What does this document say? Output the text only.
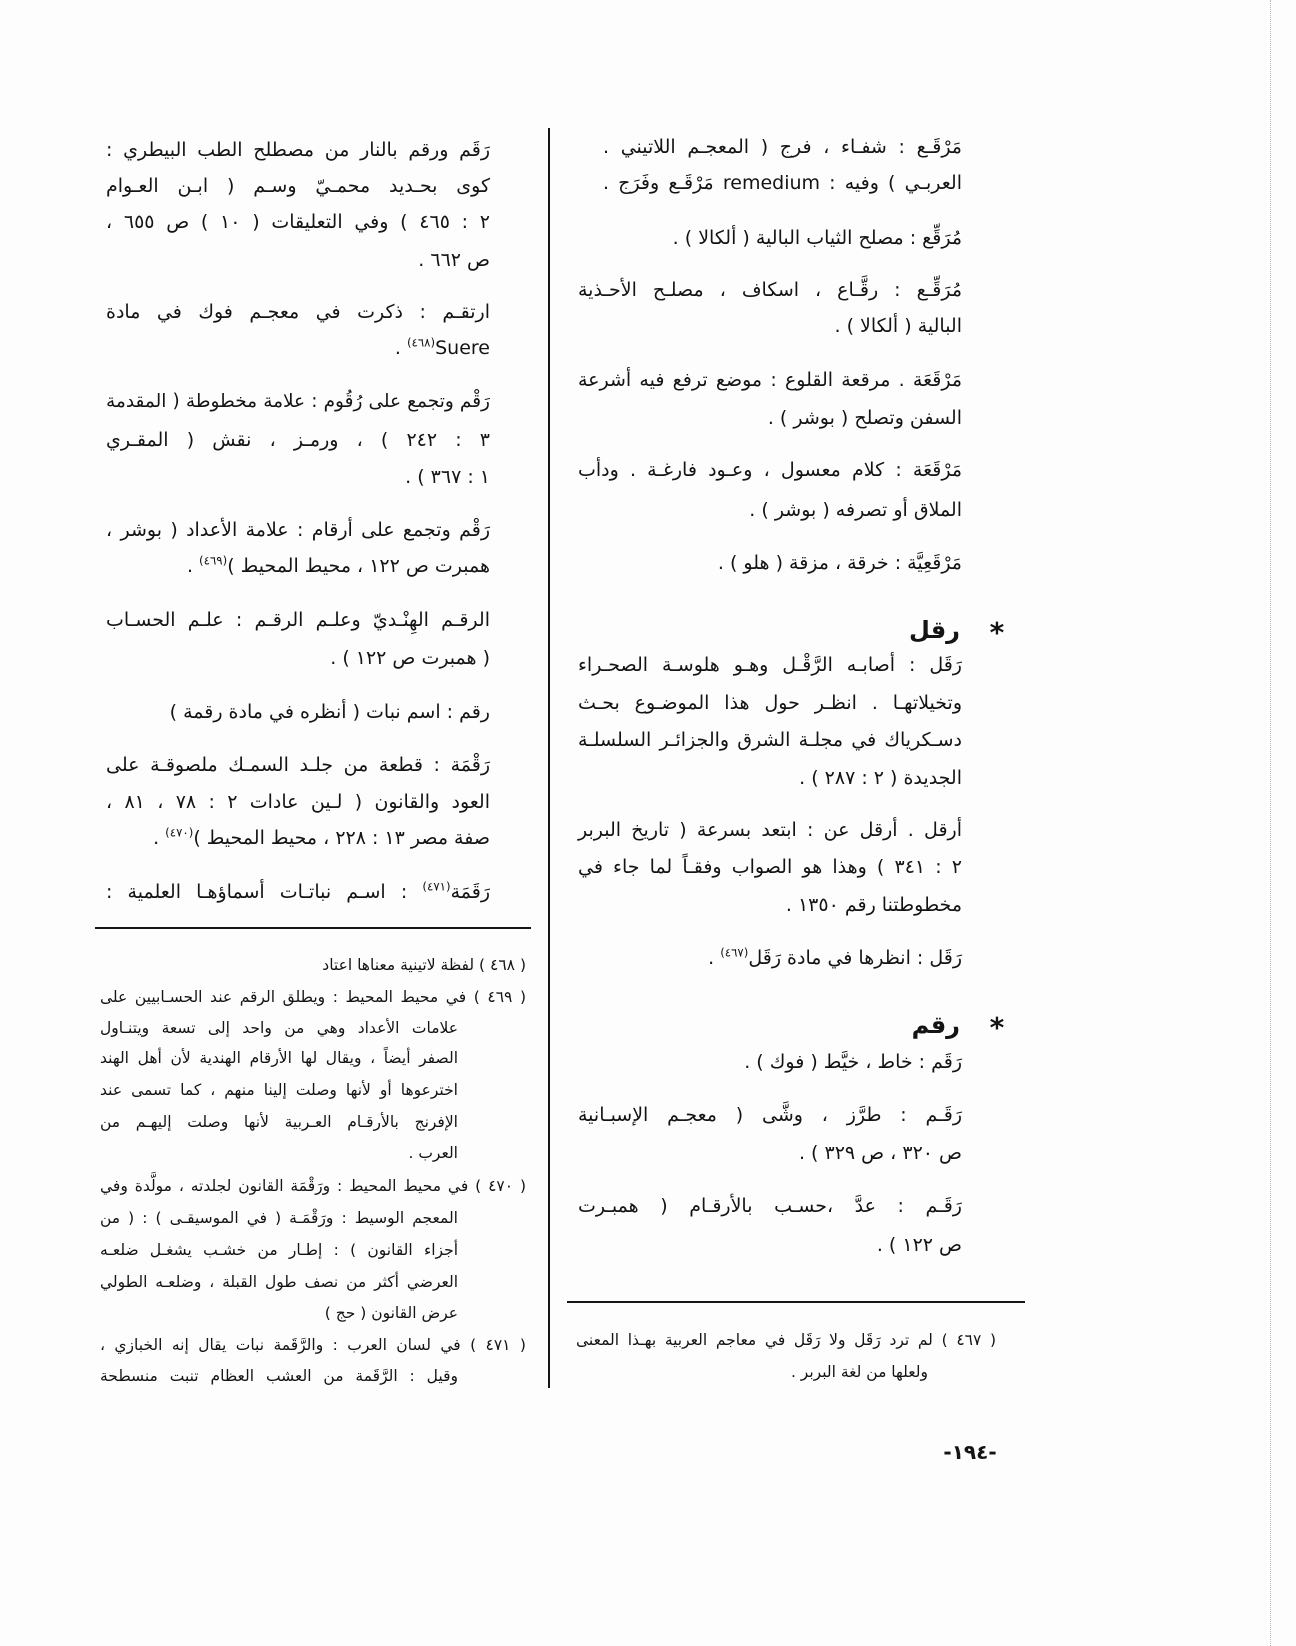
مَرْقَـع : شفـاء ، فرج ( المعجـم اللاتيني .
العربـي ) وفيه : remedium مَرْقَـع وفَرَج .
مُرَقِّع : مصلح الثياب البالية ( ألكالا ) .
مُرَقِّـع : رقَّـاع ، اسكاف ، مصلـح الأحـذية
البالية ( ألكالا ) .
مَرْقَعَة . مرقعة القلوع : موضع ترفع فيه أشرعة
السفن وتصلح ( بوشر ) .
مَرْقَعَة : كلام معسول ، وعـود فارغـة . ودأب
الملاق أو تصرفه ( بوشر ) .
مَرْقَعِيَّة : خرقة ، مزقة ( هلو ) .
*
رقل
رَقَل : أصابـه الرَّقْـل وهـو هلوسـة الصحـراء
وتخيلاتهـا . انظـر حول هذا الموضـوع بحـث
دسـكرياك في مجلـة الشرق والجزائـر السلسلـة
الجديدة ( ٢ : ٢٨٧ ) .
أرقل . أرقل عن : ابتعد بسرعة ( تاريخ البربر
٢ : ٣٤١ ) وهذا هو الصواب وفقـاً لما جاء في
مخطوطتنا رقم ١٣٥٠ .
رَقَل : انظرها في مادة رَقَل$^{(٤٦٧)}$ .
*
رقم
رَقَم : خاط ، خيَّط ( فوك ) .
رَقَـم : طرَّز ، وشَّى ( معجـم الإسبـانية
ص ٣٢٠ ، ص ٣٢٩ ) .
رَقَـم : عدَّ ،حسـب بالأرقـام ( همبـرت
ص ١٢٢ ) .
( ٤٦٧ ) لم ترد رَقَل ولا رَقَل في معاجم العربية بهـذا المعنى
ولعلها من لغة البربر .
رَقَم ورقم بالنار من مصطلح الطب البيطري :
كوى بحـديد محمـيّ وسـم ( ابـن العـوام
٢ : ٤٦٥ ) وفي التعليقات ( ١٠ ) ص ٦٥٥ ،
ص ٦٦٢ .
ارتقـم : ذكرت في معجـم فوك في مادة
Suere$^{(٤٦٨)}$ .
رَقْم وتجمع على رُقُوم : علامة مخطوطة ( المقدمة
٣ : ٢٤٢ ) ، ورمـز ، نقش ( المقـري
١ : ٣٦٧ ) .
رَقْم وتجمع على أرقام : علامة الأعداد ( بوشر ،
همبرت ص ١٢٢ ، محيط المحيط )$^{(٤٦٩)}$ .
الرقـم الهِنْـديّ وعلـم الرقـم : علـم الحسـاب
( همبرت ص ١٢٢ ) .
رقم : اسم نبات ( أنظره في مادة رقمة )
رَقْمَة : قطعة من جلـد السمـك ملصوقـة على
العود والقانون ( لـين عادات ٢ : ٧٨ ، ٨١ ،
صفة مصر ١٣ : ٢٢٨ ، محيط المحيط )$^{(٤٧٠)}$ .
رَقَمَة$^{(٤٧١)}$ : اسـم نباتـات أسماؤهـا العلمية :
( ٤٦٨ ) لفظة لاتينية معناها اعتاد
( ٤٦٩ ) في محيط المحيط : ويطلق الرقم عند الحسـابيين على
علامات الأعداد وهي من واحد إلى تسعة ويتنـاول
الصفر أيضاً ، ويقال لها الأرقام الهندية لأن أهل الهند
اخترعوها أو لأنها وصلت إلينا منهم ، كما تسمى عند
الإفرنج بالأرقـام العـربية لأنها وصلت إليهـم من
العرب .
( ٤٧٠ ) في محيط المحيط : ورَقْمَة القانون لجلدته ، مولَّدة وفي
المعجم الوسيط : ورَقْمَـة ( في الموسيقـى ) : ( من
أجزاء القانون ) : إطـار من خشـب يشغـل ضلعـه
العرضي أكثر من نصف طول القبلة ، وضلعـه الطولي
عرض القانون ( حج )
( ٤٧١ ) في لسان العرب : والرَّقَمة نبات يقال إنه الخبازي ،
وقيل : الرَّقَمة من العشب العظام تنبت منسطحة
-١٩٤-
